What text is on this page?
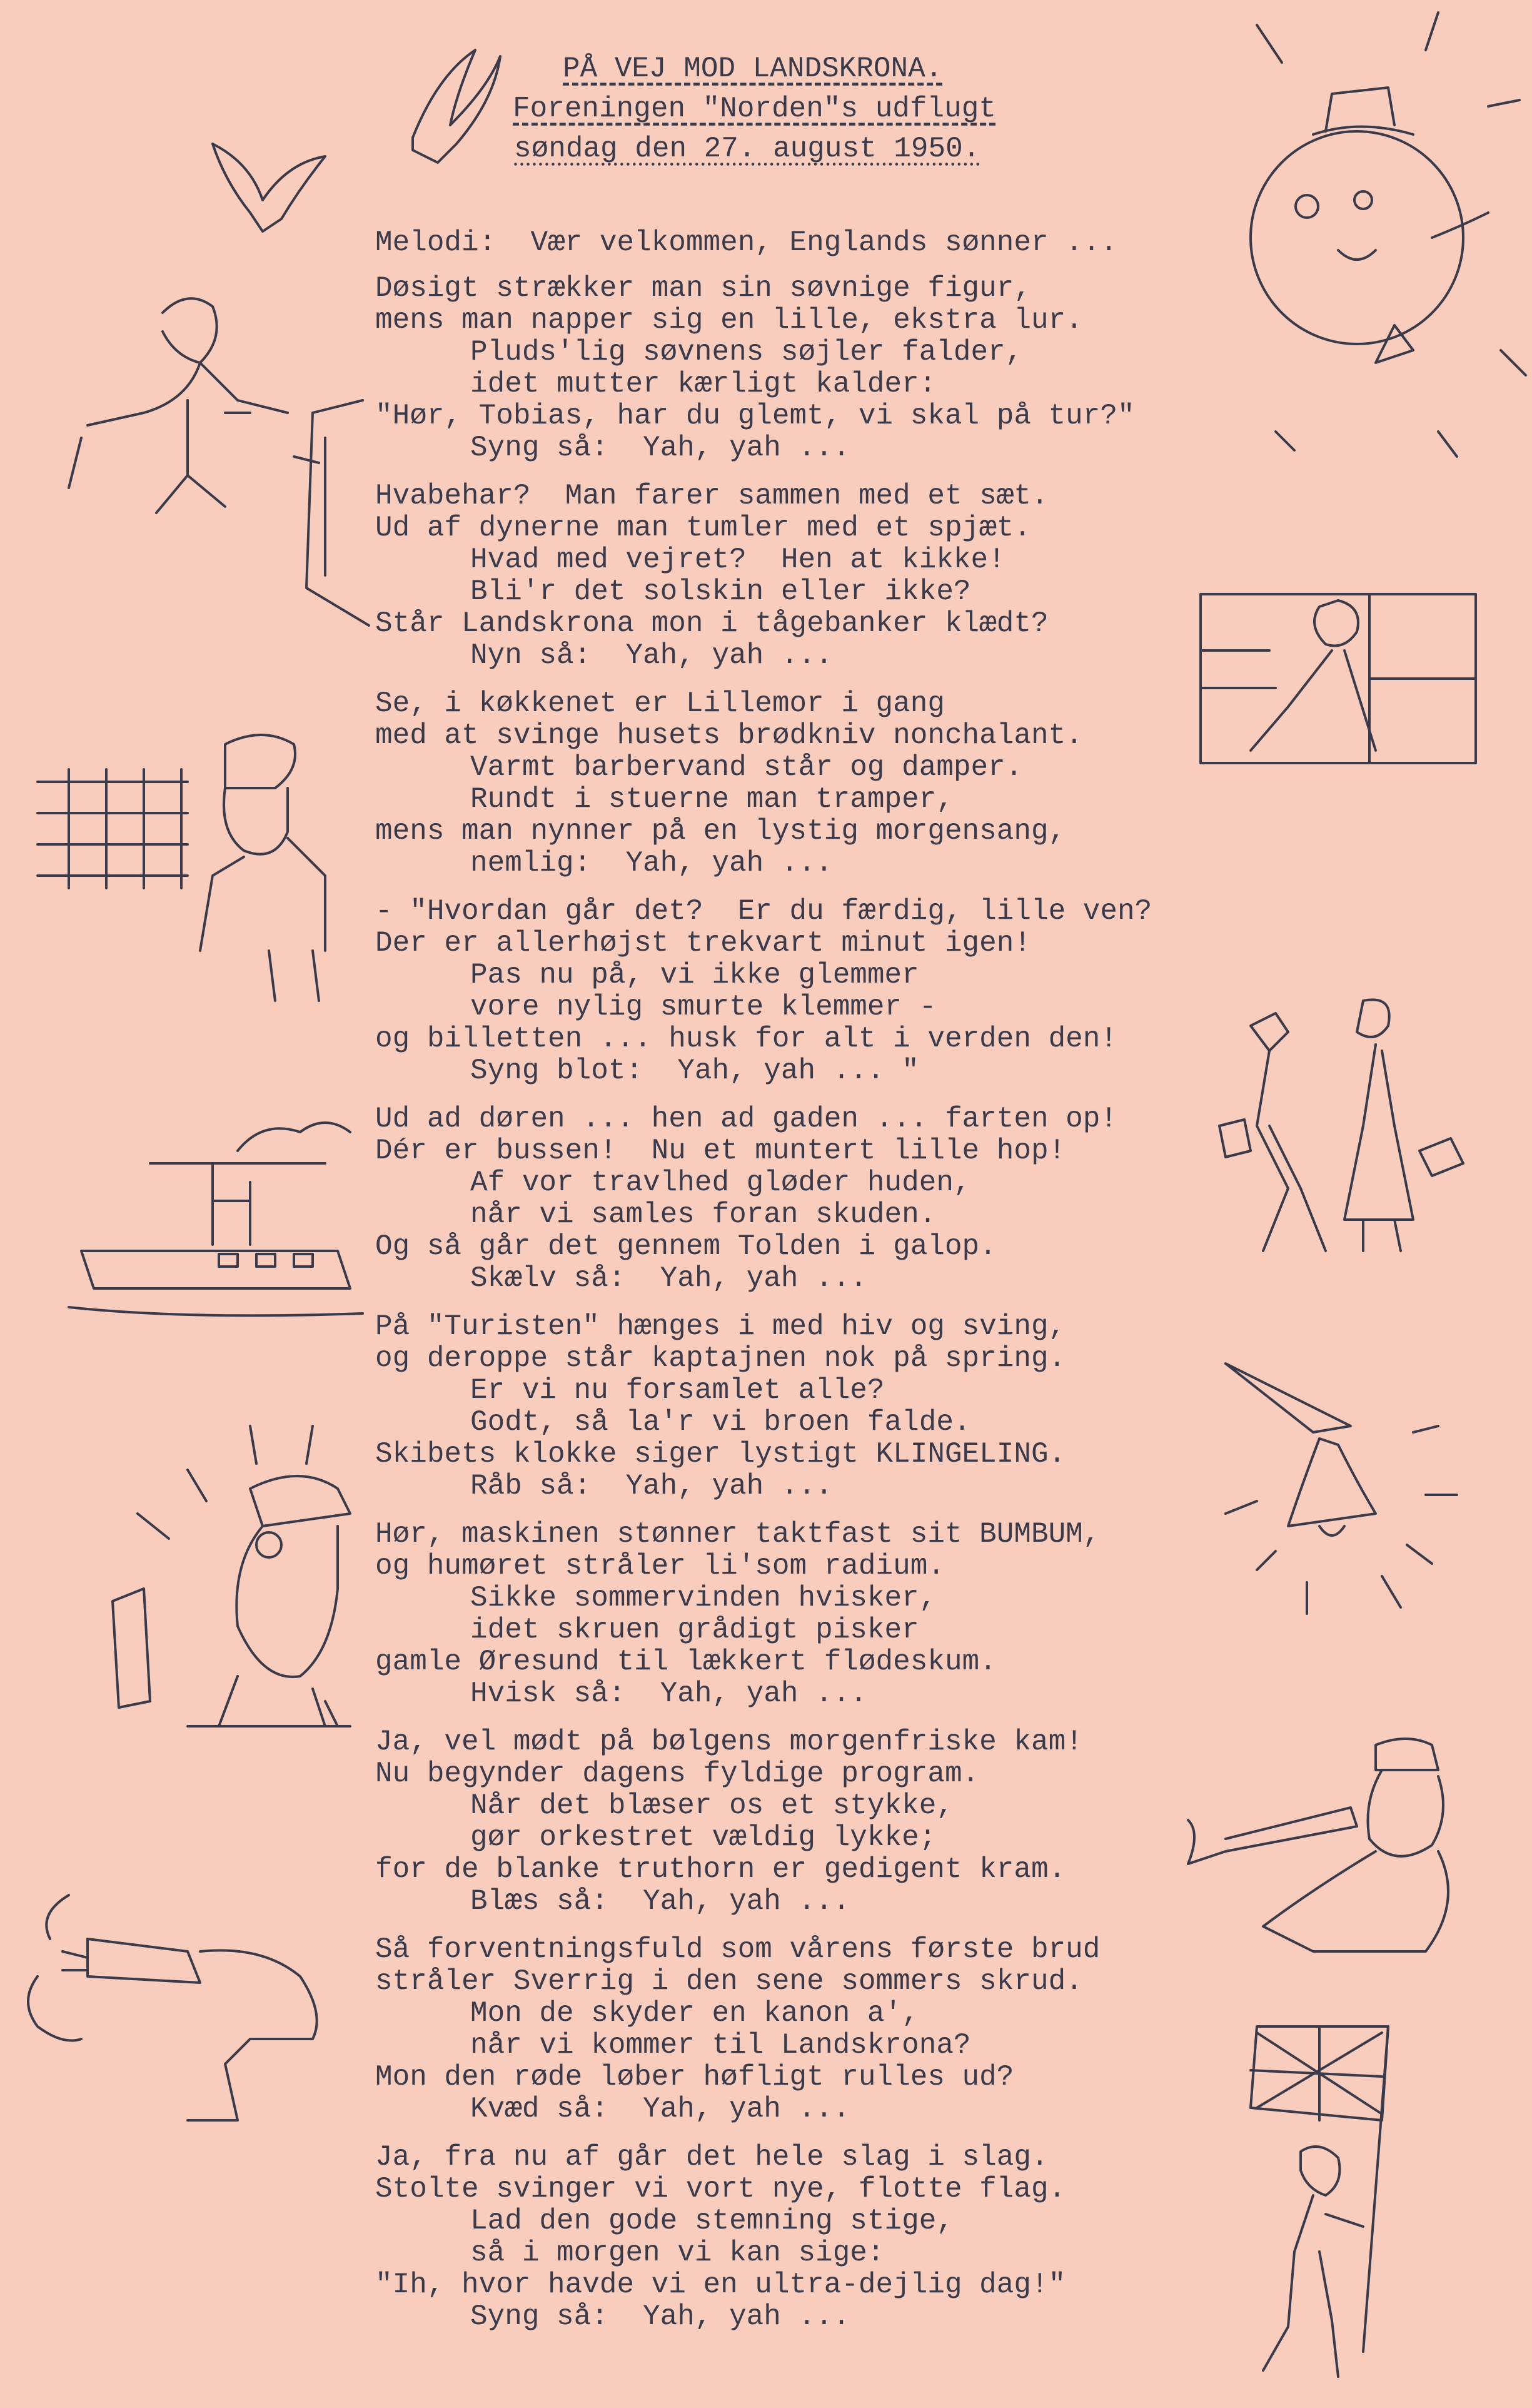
PÅ VEJ MOD LANDSKRONA.
Foreningen "Norden"s udflugt
søndag den 27. august 1950.
Melodi:  Vær velkommen, Englands sønner ...
Døsigt strækker man sin søvnige figur,
mens man napper sig en lille, ekstra lur.
Pluds'lig søvnens søjler falder,
idet mutter kærligt kalder:
"Hør, Tobias, har du glemt, vi skal på tur?"
Syng så:  Yah, yah ...
Hvabehar?  Man farer sammen med et sæt.
Ud af dynerne man tumler med et spjæt.
Hvad med vejret?  Hen at kikke!
Bli'r det solskin eller ikke?
Står Landskrona mon i tågebanker klædt?
Nyn så:  Yah, yah ...
Se, i køkkenet er Lillemor i gang
med at svinge husets brødkniv nonchalant.
Varmt barbervand står og damper.
Rundt i stuerne man tramper,
mens man nynner på en lystig morgensang,
nemlig:  Yah, yah ...
- "Hvordan går det?  Er du færdig, lille ven?
Der er allerhøjst trekvart minut igen!
Pas nu på, vi ikke glemmer
vore nylig smurte klemmer -
og billetten ... husk for alt i verden den!
Syng blot:  Yah, yah ... "
Ud ad døren ... hen ad gaden ... farten op!
Dér er bussen!  Nu et muntert lille hop!
Af vor travlhed gløder huden,
når vi samles foran skuden.
Og så går det gennem Tolden i galop.
Skælv så:  Yah, yah ...
På "Turisten" hænges i med hiv og sving,
og deroppe står kaptajnen nok på spring.
Er vi nu forsamlet alle?
Godt, så la'r vi broen falde.
Skibets klokke siger lystigt KLINGELING.
Råb så:  Yah, yah ...
Hør, maskinen stønner taktfast sit BUMBUM,
og humøret stråler li'som radium.
Sikke sommervinden hvisker,
idet skruen grådigt pisker
gamle Øresund til lækkert flødeskum.
Hvisk så:  Yah, yah ...
Ja, vel mødt på bølgens morgenfriske kam!
Nu begynder dagens fyldige program.
Når det blæser os et stykke,
gør orkestret vældig lykke;
for de blanke truthorn er gedigent kram.
Blæs så:  Yah, yah ...
Så forventningsfuld som vårens første brud
stråler Sverrig i den sene sommers skrud.
Mon de skyder en kanon a',
når vi kommer til Landskrona?
Mon den røde løber høfligt rulles ud?
Kvæd så:  Yah, yah ...
Ja, fra nu af går det hele slag i slag.
Stolte svinger vi vort nye, flotte flag.
Lad den gode stemning stige,
så i morgen vi kan sige:
"Ih, hvor havde vi en ultra-dejlig dag!"
Syng så:  Yah, yah ...
